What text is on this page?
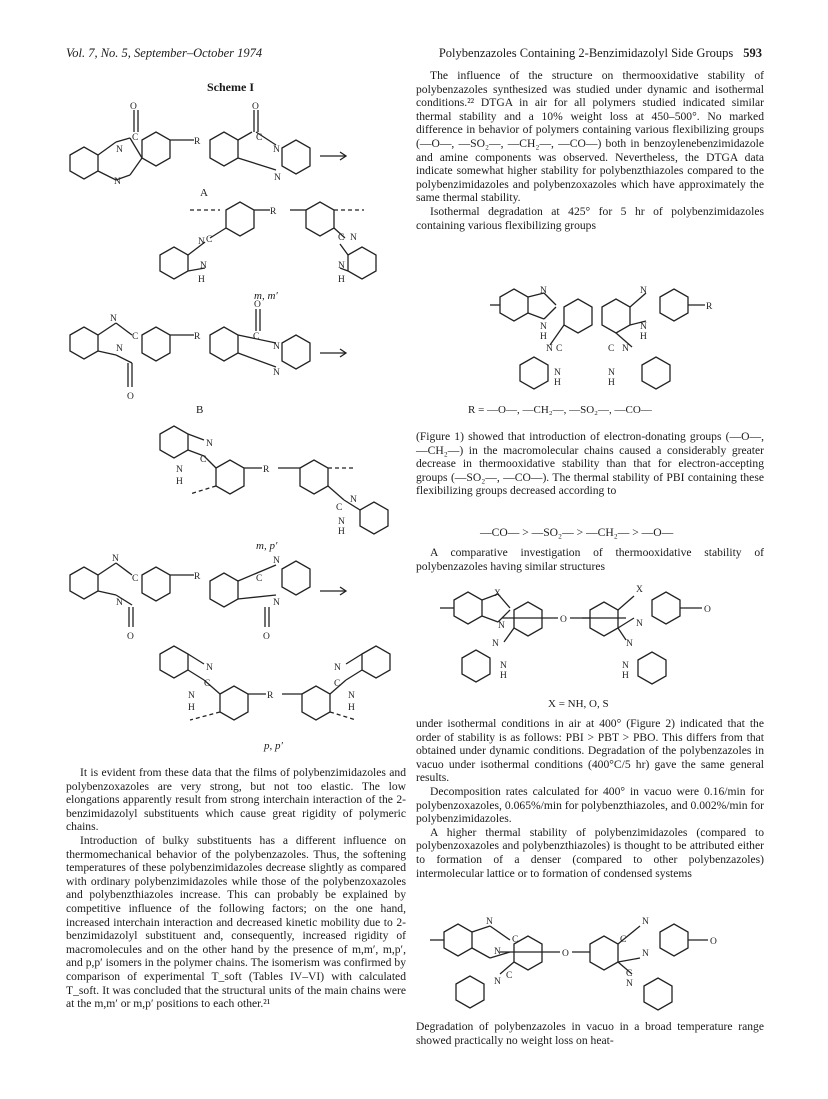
Vol. 7, No. 5, September–October 1974	Polybenzazoles Containing 2-Benzimidazolyl Side Groups 593
Scheme I
O	O
C	C
N	N
N	N
R
A
R
N C
N
H
C N
N
H
m, m′
N
C
N
O
O
C
N
N
R
B
N
C
N
H
R
C
N
N
H
m, p′
N
C
N
O	O
C
N
N
R
N
C
N
H
R
N
C
N
H
p, p′

It is evident from these data that the films of polybenzimidazoles and polybenzoxazoles are very strong, but not too elastic. The low elongations apparently result from strong interchain interaction of the 2-benzimidazolyl substituents which cause great rigidity of polymeric chains.

Introduction of bulky substituents has a different influence on thermomechanical behavior of the polybenzazoles. Thus, the softening temperatures of these polybenzimidazoles decrease slightly as compared with ordinary polybenzimidazoles while those of the polybenzoxazoles and polybenzthiazoles increase. This can probably be explained by competitive influence of the following factors; on the one hand, increased interchain interaction and decreased kinetic mobility due to 2-benzimidazolyl substituent and, consequently, increased rigidity of macromolecules and on the other hand by the presence of m,m′, m,p′, and p,p′ isomers in the polymer chains. The isomerism was confirmed by comparison of experimental T_soft (Tables IV–VI) with calculated T_soft. It was concluded that the structural units of the main chains were at the m,m′ or m,p′ positions to each other.²¹

The influence of the structure on thermooxidative stability of polybenzazoles synthesized was studied under dynamic and isothermal conditions.²² DTGA in air for all polymers studied indicated similar thermal stability and a 10% weight loss at 450–500°. No marked difference in behavior of polymers containing various flexibilizing groups (—O—, —SO₂—, —CH₂—, —CO—) both in benzoylenebenzimidazole and amine components was observed. Nevertheless, the DTGA data indicate somewhat higher stability for polybenzthiazoles compared to the polybenzimidazoles and polybenzoxazoles which have approximately the same thermal stability.

Isothermal degradation at 425° for 5 hr of polybenzimidazoles containing various flexibilizing groups

N
N
H
N
N
H
R
N C
N
H
C N
N
H
R = —O—, —CH₂—, —SO₂—, —CO—

(Figure 1) showed that introduction of electron-donating groups (—O—, —CH₂—) in the macromolecular chains caused a considerably greater decrease in thermooxidative stability than that for electron-accepting groups (—SO₂—, —CO—). The thermal stability of PBI containing these flexibilizing groups decreased according to

—CO— > —SO₂— > —CH₂— > —O—

A comparative investigation of thermooxidative stability of polybenzazoles having similar structures

X
N
O
X
N
O
N
N
H
N
N
H
X = NH, O, S

under isothermal conditions in air at 400° (Figure 2) indicated that the order of stability is as follows: PBI > PBT > PBO. This differs from that obtained under dynamic conditions. Degradation of the polybenzazoles in vacuo under isothermal conditions (400°C/5 hr) gave the same general results.

Decomposition rates calculated for 400° in vacuo were 0.16/min for polybenzoxazoles, 0.065%/min for polybenzthiazoles, and 0.002%/min for polybenzimidazoles.

A higher thermal stability of polybenzimidazoles (compared to polybenzoxazoles and polybenzthiazoles) is thought to be attributed either to formation of a denser (compared to other polybenzazoles) intermolecular lattice or to formation of condensed systems

N
N
C
O
C
N
N
O
N
C
N
C

Degradation of polybenzazoles in vacuo in a broad temperature range showed practically no weight loss on heat-
